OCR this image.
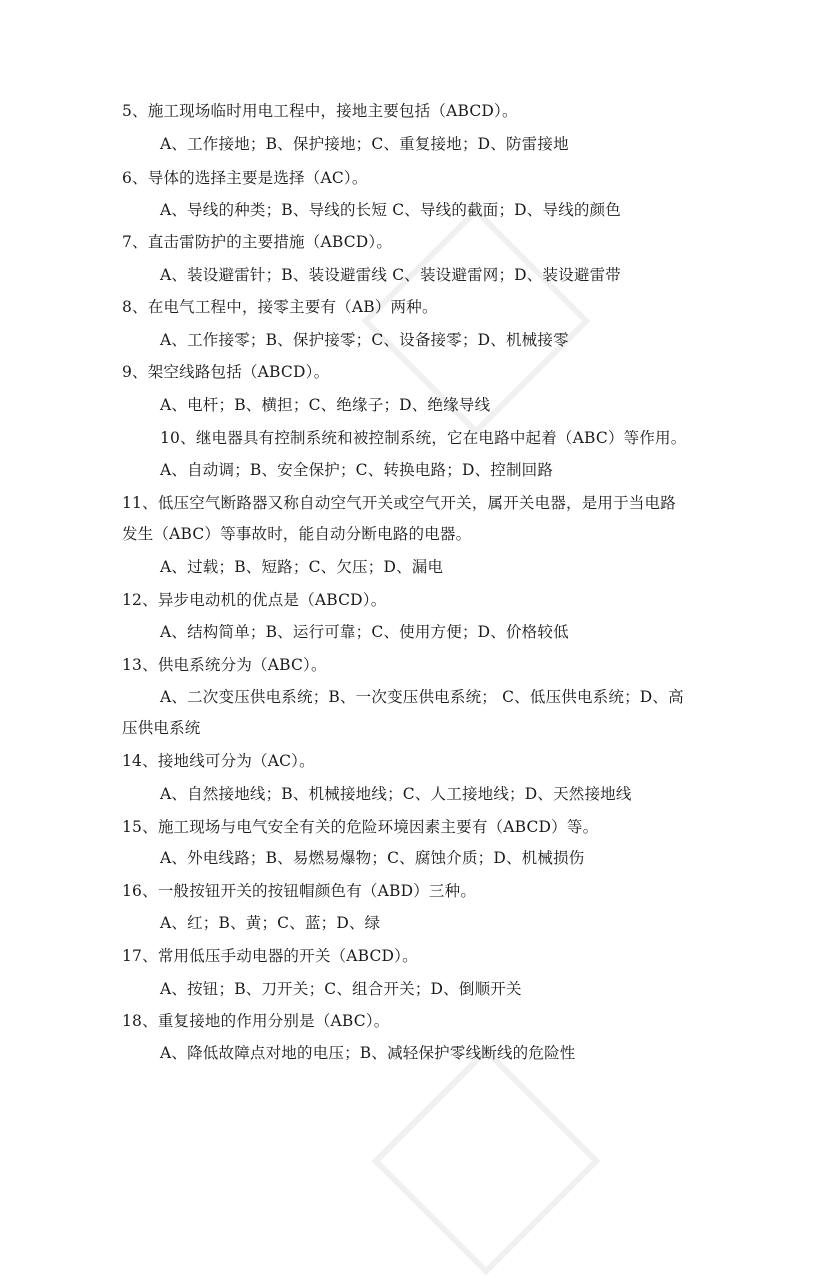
5、施工现场临时用电工程中，接地主要包括（ABCD）。
A、工作接地；B、保护接地；C、重复接地；D、防雷接地
6、导体的选择主要是选择（AC）。
A、导线的种类；B、导线的长短 C、导线的截面；D、导线的颜色
7、直击雷防护的主要措施（ABCD）。
A、装设避雷针；B、装设避雷线 C、装设避雷网；D、装设避雷带
8、在电气工程中，接零主要有（AB）两种。
A、工作接零；B、保护接零；C、设备接零；D、机械接零
9、架空线路包括（ABCD）。
A、电杆；B、横担；C、绝缘子；D、绝缘导线
10、继电器具有控制系统和被控制系统，它在电路中起着（ABC）等作用。
A、自动调；B、安全保护；C、转换电路；D、控制回路
11、低压空气断路器又称自动空气开关或空气开关，属开关电器，是用于当电路
发生（ABC）等事故时，能自动分断电路的电器。
A、过载；B、短路；C、欠压；D、漏电
12、异步电动机的优点是（ABCD）。
A、结构简单；B、运行可靠；C、使用方便；D、价格较低
13、供电系统分为（ABC）。
A、二次变压供电系统；B、一次变压供电系统； C、低压供电系统；D、高
压供电系统
14、接地线可分为（AC）。
A、自然接地线；B、机械接地线；C、人工接地线；D、天然接地线
15、施工现场与电气安全有关的危险环境因素主要有（ABCD）等。
A、外电线路；B、易燃易爆物；C、腐蚀介质；D、机械损伤
16、一般按钮开关的按钮帽颜色有（ABD）三种。
A、红；B、黄；C、蓝；D、绿
17、常用低压手动电器的开关（ABCD）。
A、按钮；B、刀开关；C、组合开关；D、倒顺开关
18、重复接地的作用分别是（ABC）。
A、降低故障点对地的电压；B、减轻保护零线断线的危险性
